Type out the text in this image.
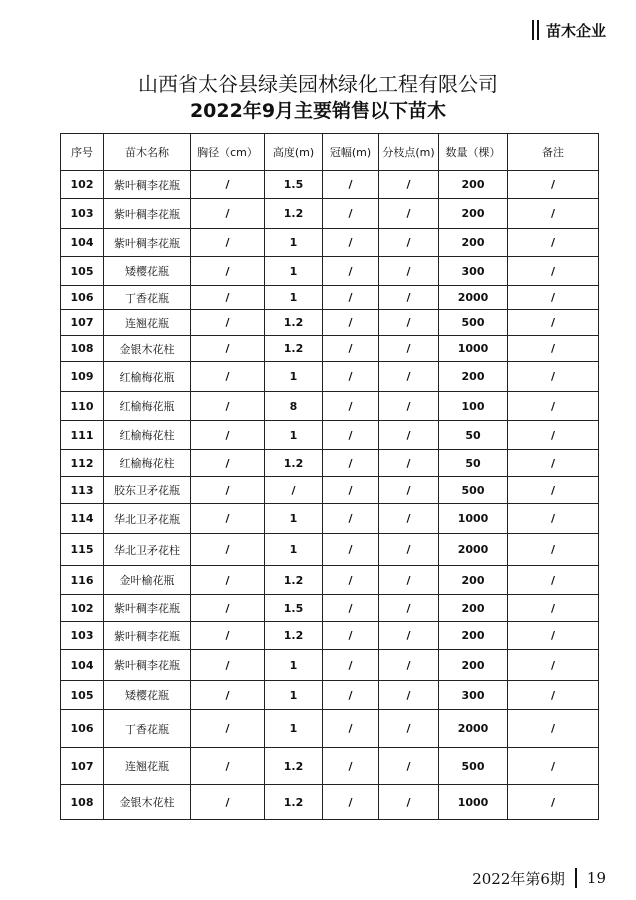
苗木企业
山西省太谷县绿美园林绿化工程有限公司
2022年9月主要销售以下苗木
序号	苗木名称	胸径（cm）	高度(m)	冠幅(m)	分枝点(m)	数量（棵）	备注
102	紫叶稠李花瓶	/	1.5	/	/	200	/
103	紫叶稠李花瓶	/	1.2	/	/	200	/
104	紫叶稠李花瓶	/	1	/	/	200	/
105	矮樱花瓶	/	1	/	/	300	/
106	丁香花瓶	/	1	/	/	2000	/
107	连翘花瓶	/	1.2	/	/	500	/
108	金银木花柱	/	1.2	/	/	1000	/
109	红榆梅花瓶	/	1	/	/	200	/
110	红榆梅花瓶	/	8	/	/	100	/
111	红榆梅花柱	/	1	/	/	50	/
112	红榆梅花柱	/	1.2	/	/	50	/
113	胶东卫矛花瓶	/	/	/	/	500	/
114	华北卫矛花瓶	/	1	/	/	1000	/
115	华北卫矛花柱	/	1	/	/	2000	/
116	金叶榆花瓶	/	1.2	/	/	200	/
102	紫叶稠李花瓶	/	1.5	/	/	200	/
103	紫叶稠李花瓶	/	1.2	/	/	200	/
104	紫叶稠李花瓶	/	1	/	/	200	/
105	矮樱花瓶	/	1	/	/	300	/
106	丁香花瓶	/	1	/	/	2000	/
107	连翘花瓶	/	1.2	/	/	500	/
108	金银木花柱	/	1.2	/	/	1000	/
2022年第6期 19
